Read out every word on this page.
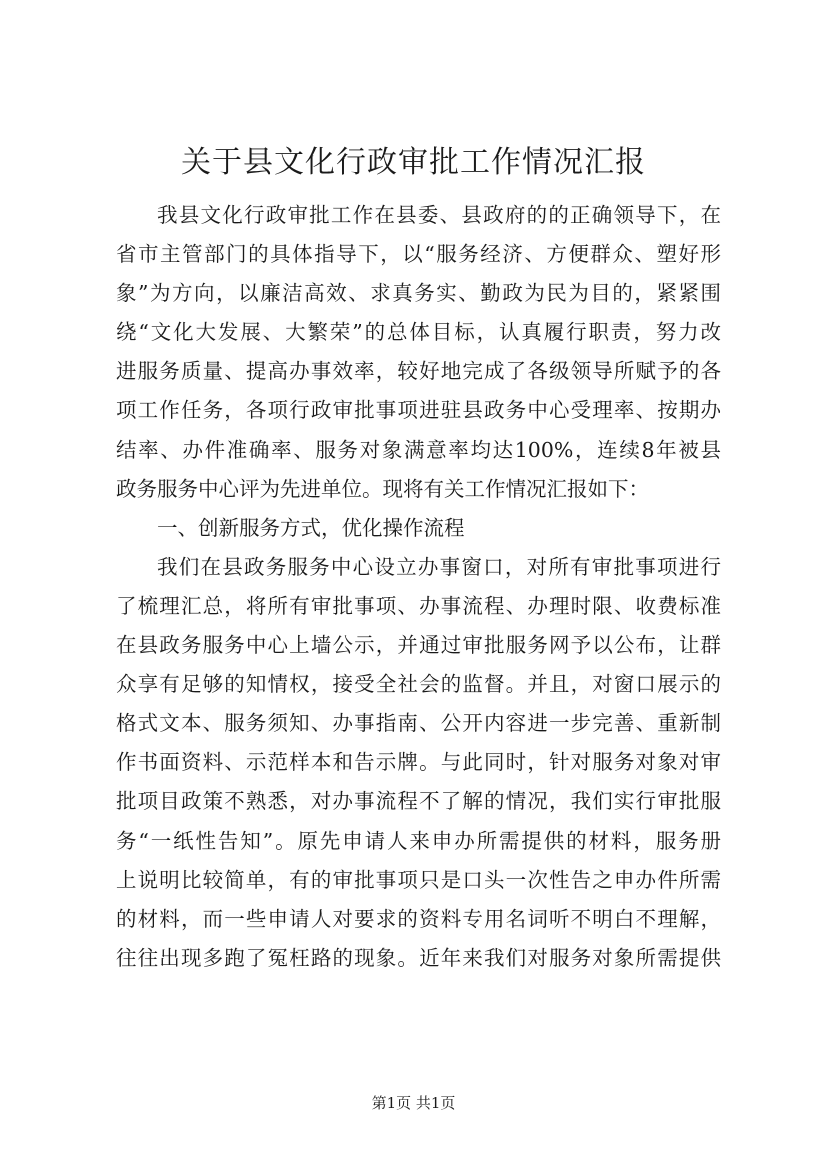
关于县文化行政审批工作情况汇报
我县文化行政审批工作在县委、县政府的的正确领导下，在
省市主管部门的具体指导下，以“服务经济、方便群众、塑好形
象”为方向，以廉洁高效、求真务实、勤政为民为目的，紧紧围
绕“文化大发展、大繁荣”的总体目标，认真履行职责，努力改
进服务质量、提高办事效率，较好地完成了各级领导所赋予的各
项工作任务，各项行政审批事项进驻县政务中心受理率、按期办
结率、办件准确率、服务对象满意率均达100%，连续8年被县
政务服务中心评为先进单位。现将有关工作情况汇报如下：
一、创新服务方式，优化操作流程
我们在县政务服务中心设立办事窗口，对所有审批事项进行
了梳理汇总，将所有审批事项、办事流程、办理时限、收费标准
在县政务服务中心上墙公示，并通过审批服务网予以公布，让群
众享有足够的知情权，接受全社会的监督。并且，对窗口展示的
格式文本、服务须知、办事指南、公开内容进一步完善、重新制
作书面资料、示范样本和告示牌。与此同时，针对服务对象对审
批项目政策不熟悉，对办事流程不了解的情况，我们实行审批服
务“一纸性告知”。原先申请人来申办所需提供的材料，服务册
上说明比较简单，有的审批事项只是口头一次性告之申办件所需
的材料，而一些申请人对要求的资料专用名词听不明白不理解，
往往出现多跑了冤枉路的现象。近年来我们对服务对象所需提供
第1页 共1页
